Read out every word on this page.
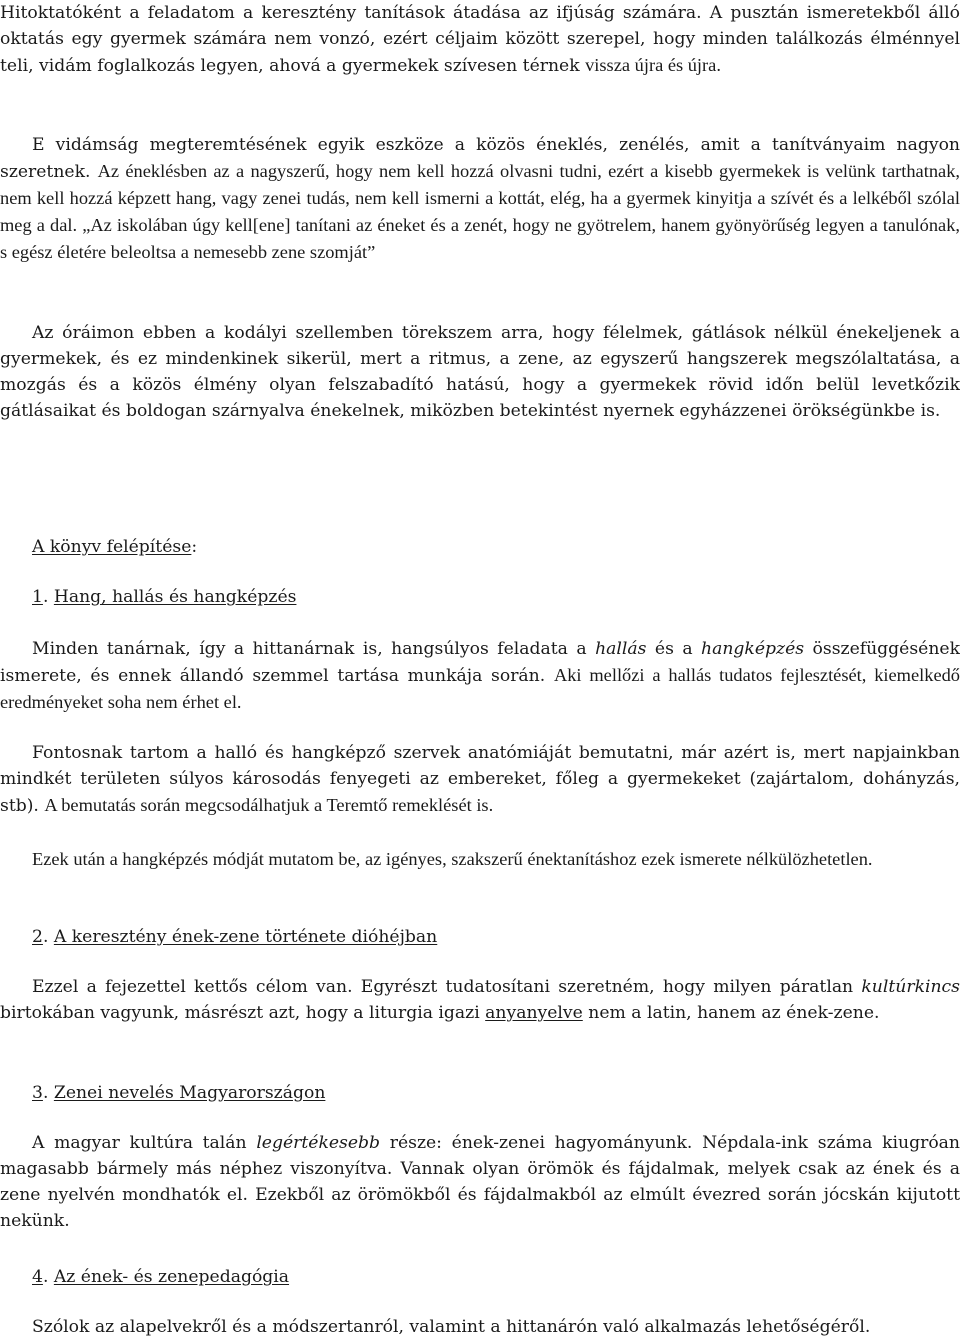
Hitoktatóként a feladatom a keresztény tanítások átadása az ifjúság számára. A pusztán ismeretekből álló oktatás egy gyermek számára nem vonzó, ezért céljaim között szerepel, hogy minden találkozás élménnyel teli, vidám foglalkozás legyen, ahová a gyermekek szívesen térnek vissza újra és újra.

E vidámság megteremtésének egyik eszköze a közös éneklés, zenélés, amit a tanítványaim nagyon szeretnek. Az éneklésben az a nagyszerű, hogy nem kell hozzá olvasni tudni, ezért a kisebb gyermekek is velünk tarthatnak, nem kell hozzá képzett hang, vagy zenei tudás, nem kell ismerni a kottát, elég, ha a gyermek kinyitja a szívét és a lelkéből szólal meg a dal. „Az iskolában úgy kell[ene] tanítani az éneket és a zenét, hogy ne gyötrelem, hanem gyönyörűség legyen a tanulónak, s egész életére beleoltsa a nemesebb zene szomját”

Az óráimon ebben a kodályi szellemben törekszem arra, hogy félelmek, gátlások nélkül énekeljenek a gyermekek, és ez mindenkinek sikerül, mert a ritmus, a zene, az egyszerű hangszerek megszólaltatása, a mozgás és a közös élmény olyan felszabadító hatású, hogy a gyermekek rövid időn belül levetkőzik gátlásaikat és boldogan szárnyalva énekelnek, miközben betekintést nyernek egyházzenei örökségünkbe is.

A könyv felépítése:

1. Hang, hallás és hangképzés

Minden tanárnak, így a hittanárnak is, hangsúlyos feladata a hallás és a hangképzés összefüggésének ismerete, és ennek állandó szemmel tartása munkája során. Aki mellőzi a hallás tudatos fejlesztését, kiemelkedő eredményeket soha nem érhet el.

Fontosnak tartom a halló és hangképző szervek anatómiáját bemutatni, már azért is, mert napjainkban mindkét területen súlyos károsodás fenyegeti az embereket, főleg a gyermekeket (zajártalom, dohányzás, stb). A bemutatás során megcsodálhatjuk a Teremtő remeklését is.

Ezek után a hangképzés módját mutatom be, az igényes, szakszerű énektanításhoz ezek ismerete nélkülözhetetlen.

2. A keresztény ének-zene története dióhéjban

Ezzel a fejezettel kettős célom van. Egyrészt tudatosítani szeretném, hogy milyen páratlan kultúrkincs birtokában vagyunk, másrészt azt, hogy a liturgia igazi anyanyelve nem a latin, hanem az ének-zene.

3. Zenei nevelés Magyarországon

A magyar kultúra talán legértékesebb része: ének-zenei hagyományunk. Népdala-ink száma kiugróan magasabb bármely más néphez viszonyítva. Vannak olyan örömök és fájdalmak, melyek csak az ének és a zene nyelvén mondhatók el. Ezekből az örömökből és fájdalmakból az elmúlt évezred során jócskán kijutott nekünk.

4. Az ének- és zenepedagógia

Szólok az alapelvekről és a módszertanról, valamint a hittanárón való alkalmazás lehetőségéről.
